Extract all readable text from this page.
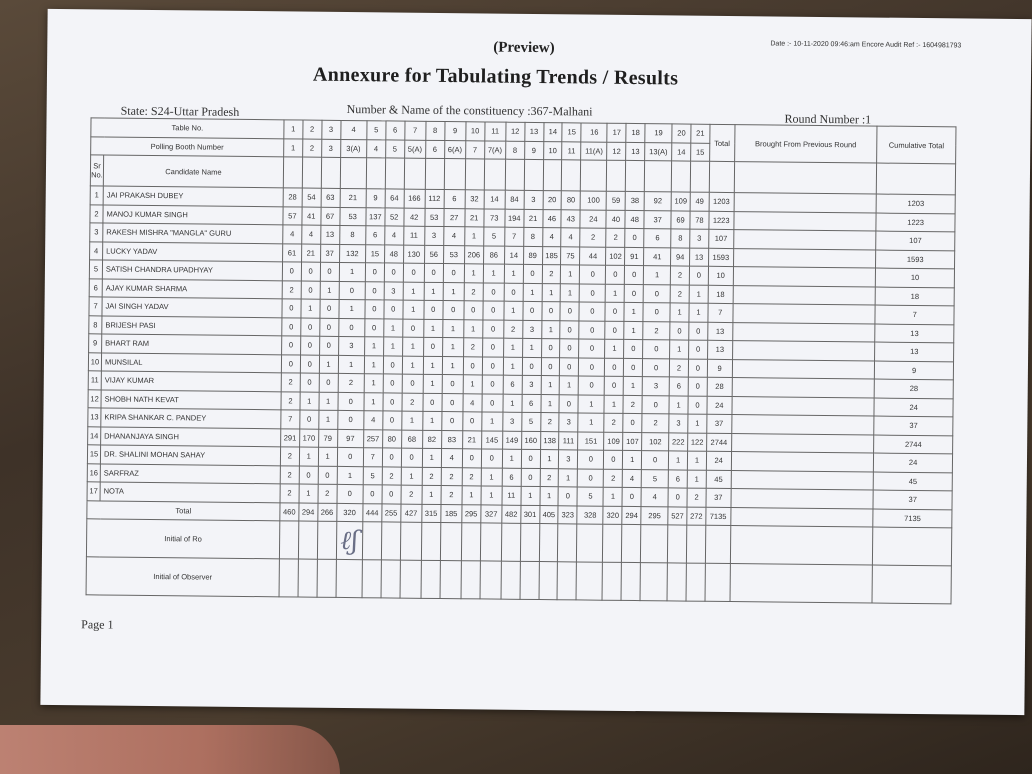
(Preview)	Date :- 10-11-2020 09:46:am Encore Audit Ref :- 1604981793
Annexure for Tabulating Trends / Results
State: S24-Uttar Pradesh	Number & Name of the constituency :367-Malhani
Round Number :1
Table No.		1	2	3	4	5	6	7	8	9	10	11	12	13	14	15	16	17	18	19	20	21	Total	Brought From Previous Round	Cumulative Total
Polling Booth Number		1	2	3	3(A)	4	5	5(A)	6	6(A)	7	7(A)	8	9	10	11	11(A)	12	13	13(A)	14	15			
Sr No.	Candidate Name																								
1	JAI PRAKASH DUBEY	28	54	63	21	9	64	166	112	6	32	14	84	3	20	80	100	59	38	92	109	49	1203		1203
2	MANOJ KUMAR SINGH	57	41	67	53	137	52	42	53	27	21	73	194	21	46	43	24	40	48	37	69	78	1223		1223
3	RAKESH MISHRA "MANGLA" GURU	4	4	13	8	6	4	11	3	4	1	5	7	8	4	4	2	2	0	6	8	3	107		107
4	LUCKY YADAV	61	21	37	132	15	48	130	56	53	206	86	14	89	185	75	44	102	91	41	94	13	1593		1593
5	SATISH CHANDRA UPADHYAY	0	0	0	1	0	0	0	0	0	1	1	1	0	2	1	0	0	0	1	2	0	10		10
6	AJAY KUMAR SHARMA	2	0	1	0	0	3	1	1	1	2	0	0	1	1	1	0	1	0	0	2	1	18		18
7	JAI SINGH YADAV	0	1	0	1	0	0	1	0	0	0	0	1	0	0	0	0	0	1	0	1	1	7		7
8	BRIJESH PASI	0	0	0	0	0	1	0	1	1	1	0	2	3	1	0	0	0	1	2	0	0	13		13
9	BHART RAM	0	0	0	3	1	1	1	0	1	2	0	1	1	0	0	0	1	0	0	1	0	13		13
10	MUNSILAL	0	0	1	1	1	0	1	1	1	0	0	1	0	0	0	0	0	0	0	2	0	9		9
11	VIJAY KUMAR	2	0	0	2	1	0	0	1	0	1	0	6	3	1	1	0	0	1	3	6	0	28		28
12	SHOBH NATH KEVAT	2	1	1	0	1	0	2	0	0	4	0	1	6	1	0	1	1	2	0	1	0	24		24
13	KRIPA SHANKAR C. PANDEY	7	0	1	0	4	0	1	1	0	0	1	3	5	2	3	1	2	0	2	3	1	37		37
14	DHANANJAYA SINGH	291	170	79	97	257	80	68	82	83	21	145	149	160	138	111	151	109	107	102	222	122	2744		2744
15	DR. SHALINI MOHAN SAHAY	2	1	1	0	7	0	0	1	4	0	0	1	0	1	3	0	0	1	0	1	1	24		24
16	SARFRAZ	2	0	0	1	5	2	1	2	2	2	1	6	0	2	1	0	2	4	5	6	1	45		45
17	NOTA	2	1	2	0	0	0	2	1	2	1	1	11	1	1	0	5	1	0	4	0	2	37		37
Total		460	294	266	320	444	255	427	315	185	295	327	482	301	405	323	328	320	294	295	527	272	7135		7135
Initial of Ro					ℓʃ																				
Initial of Observer																									
Page 1
